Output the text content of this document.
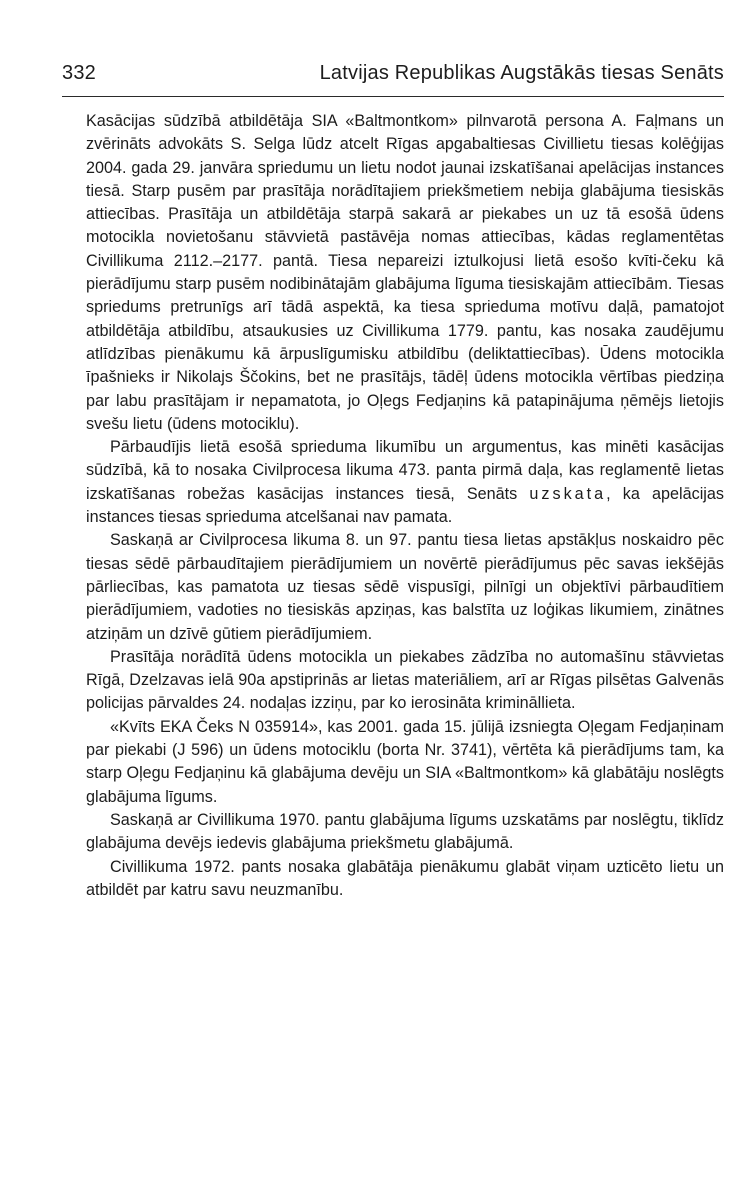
332	Latvijas Republikas Augstākās tiesas Senāts

Kasācijas sūdzībā atbildētāja SIA «Baltmontkom» pilnvarotā persona A. Faļmans un zvērināts advokāts S. Selga lūdz atcelt Rīgas apgabaltiesas Civillietu tiesas kolēģijas 2004. gada 29. janvāra spriedumu un lietu nodot jaunai izskatīšanai apelācijas instances tiesā. Starp pusēm par prasītāja norādītajiem priekšmetiem nebija glabājuma tiesiskās attiecības. Prasītāja un atbildētāja starpā sakarā ar piekabes un uz tā esošā ūdens motocikla novietošanu stāvvietā pastāvēja nomas attiecības, kādas reglamentētas Civillikuma 2112.–2177. pantā. Tiesa nepareizi iztulkojusi lietā esošo kvīti-čeku kā pierādījumu starp pusēm nodibinātajām glabājuma līguma tiesiskajām attiecībām. Tiesas spriedums pretrunīgs arī tādā aspektā, ka tiesa sprieduma motīvu daļā, pamatojot atbildētāja atbildību, atsaukusies uz Civillikuma 1779. pantu, kas nosaka zaudējumu atlīdzības pienākumu kā ārpuslīgumisku atbildību (deliktattiecības). Ūdens motocikla īpašnieks ir Nikolajs Ščokins, bet ne prasītājs, tādēļ ūdens motocikla vērtības piedziņa par labu prasītājam ir nepamatota, jo Oļegs Fedjaņins kā patapinājuma ņēmējs lietojis svešu lietu (ūdens motociklu).

Pārbaudījis lietā esošā sprieduma likumību un argumentus, kas minēti kasācijas sūdzībā, kā to nosaka Civilprocesa likuma 473. panta pirmā daļa, kas reglamentē lietas izskatīšanas robežas kasācijas instances tiesā, Senāts uzskata, ka apelācijas instances tiesas sprieduma atcelšanai nav pamata.

Saskaņā ar Civilprocesa likuma 8. un 97. pantu tiesa lietas apstākļus noskaidro pēc tiesas sēdē pārbaudītajiem pierādījumiem un novērtē pierādījumus pēc savas iekšējās pārliecības, kas pamatota uz tiesas sēdē vispusīgi, pilnīgi un objektīvi pārbaudītiem pierādījumiem, vadoties no tiesiskās apziņas, kas balstīta uz loģikas likumiem, zinātnes atziņām un dzīvē gūtiem pierādījumiem.

Prasītāja norādītā ūdens motocikla un piekabes zādzība no automašīnu stāvvietas Rīgā, Dzelzavas ielā 90a apstiprinās ar lietas materiāliem, arī ar Rīgas pilsētas Galvenās policijas pārvaldes 24. nodaļas izziņu, par ko ierosināta krimināllieta.

«Kvīts EKA Čeks N 035914», kas 2001. gada 15. jūlijā izsniegta Oļegam Fedjaņinam par piekabi (J 596) un ūdens motociklu (borta Nr. 3741), vērtēta kā pierādījums tam, ka starp Oļegu Fedjaņinu kā glabājuma devēju un SIA «Baltmontkom» kā glabātāju noslēgts glabājuma līgums.

Saskaņā ar Civillikuma 1970. pantu glabājuma līgums uzskatāms par noslēgtu, tiklīdz glabājuma devējs iedevis glabājuma priekšmetu glabājumā.

Civillikuma 1972. pants nosaka glabātāja pienākumu glabāt viņam uzticēto lietu un atbildēt par katru savu neuzmanību.
